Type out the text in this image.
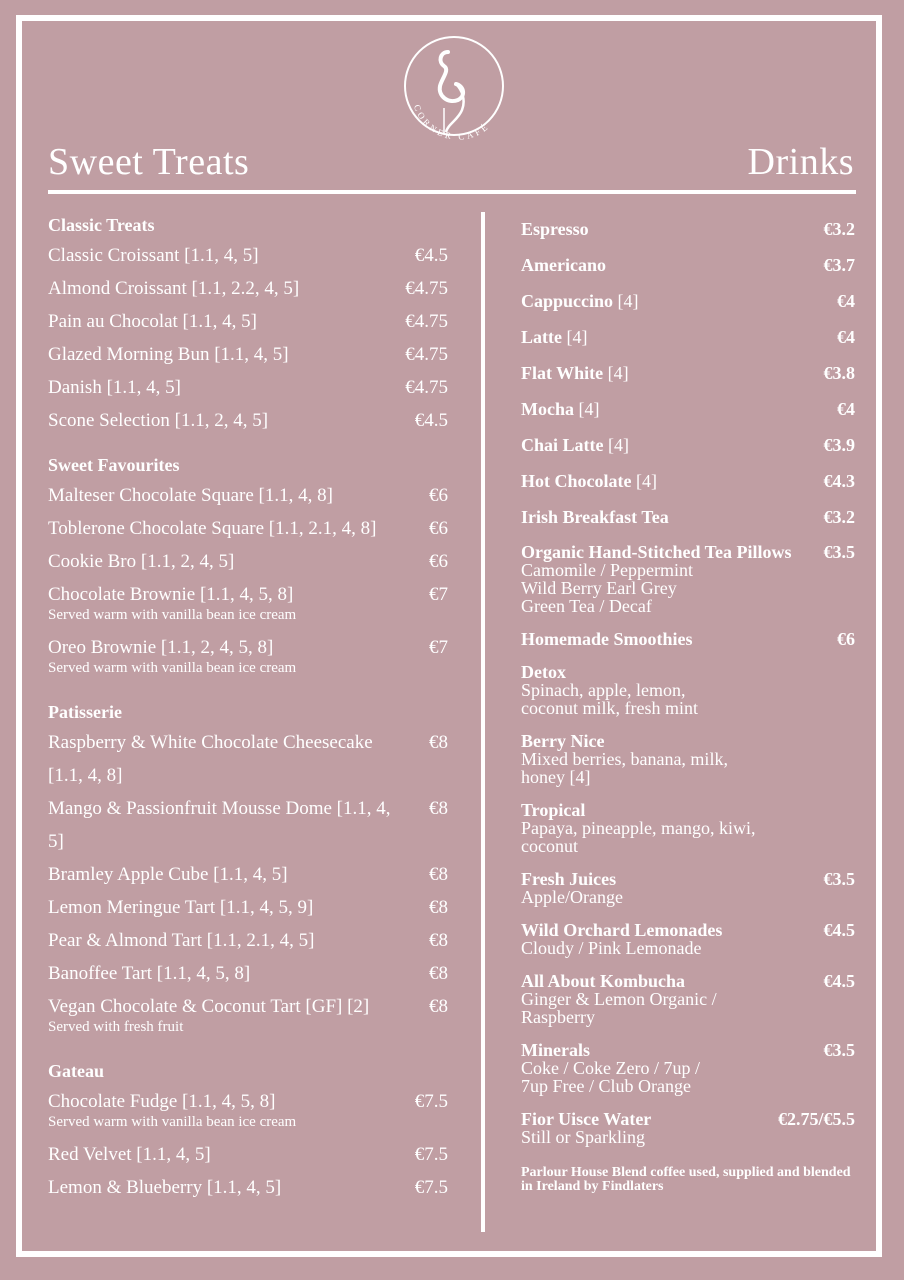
CORNER CAFÉ
Sweet Treats	Drinks
Classic Treats
Classic Croissant [1.1, 4, 5]	€4.5
Almond Croissant [1.1, 2.2, 4, 5]	€4.75
Pain au Chocolat [1.1, 4, 5]	€4.75
Glazed Morning Bun [1.1, 4, 5]	€4.75
Danish [1.1, 4, 5]	€4.75
Scone Selection [1.1, 2, 4, 5]	€4.5
Sweet Favourites
Malteser Chocolate Square [1.1, 4, 8]	€6
Toblerone Chocolate Square [1.1, 2.1, 4, 8]	€6
Cookie Bro [1.1, 2, 4, 5]	€6
Chocolate Brownie [1.1, 4, 5, 8]	€7
Served warm with vanilla bean ice cream
Oreo Brownie [1.1, 2, 4, 5, 8]	€7
Served warm with vanilla bean ice cream
Patisserie
Raspberry & White Chocolate Cheesecake [1.1, 4, 8]
€8
Mango & Passionfruit Mousse Dome [1.1, 4, 5]
€8
Bramley Apple Cube [1.1, 4, 5]	€8
Lemon Meringue Tart [1.1, 4, 5, 9]	€8
Pear & Almond Tart [1.1, 2.1, 4, 5]	€8
Banoffee Tart [1.1, 4, 5, 8]	€8
Vegan Chocolate & Coconut Tart [GF] [2]	€8
Served with fresh fruit
Gateau
Chocolate Fudge [1.1, 4, 5, 8]	€7.5
Served warm with vanilla bean ice cream
Red Velvet [1.1, 4, 5]	€7.5
Lemon & Blueberry [1.1, 4, 5]	€7.5
Espresso	€3.2
Americano	€3.7
Cappuccino [4]	€4
Latte [4]	€4
Flat White [4]	€3.8
Mocha [4]	€4
Chai Latte [4]	€3.9
Hot Chocolate [4]	€4.3
Irish Breakfast Tea	€3.2
Organic Hand-Stitched Tea Pillows	€3.5
Camomile / Peppermint
Wild Berry Earl Grey
Green Tea / Decaf
Homemade Smoothies	€6
Detox
Spinach, apple, lemon,
coconut milk, fresh mint
Berry Nice
Mixed berries, banana, milk,
honey [4]
Tropical
Papaya, pineapple, mango, kiwi,
coconut
Fresh Juices	€3.5
Apple/Orange
Wild Orchard Lemonades	€4.5
Cloudy / Pink Lemonade
All About Kombucha	€4.5
Ginger & Lemon Organic /
Raspberry
Minerals	€3.5
Coke / Coke Zero / 7up /
7up Free / Club Orange
Fior Uisce Water	€2.75/€5.5
Still or Sparkling
Parlour House Blend coffee used, supplied and blended in Ireland by Findlaters
